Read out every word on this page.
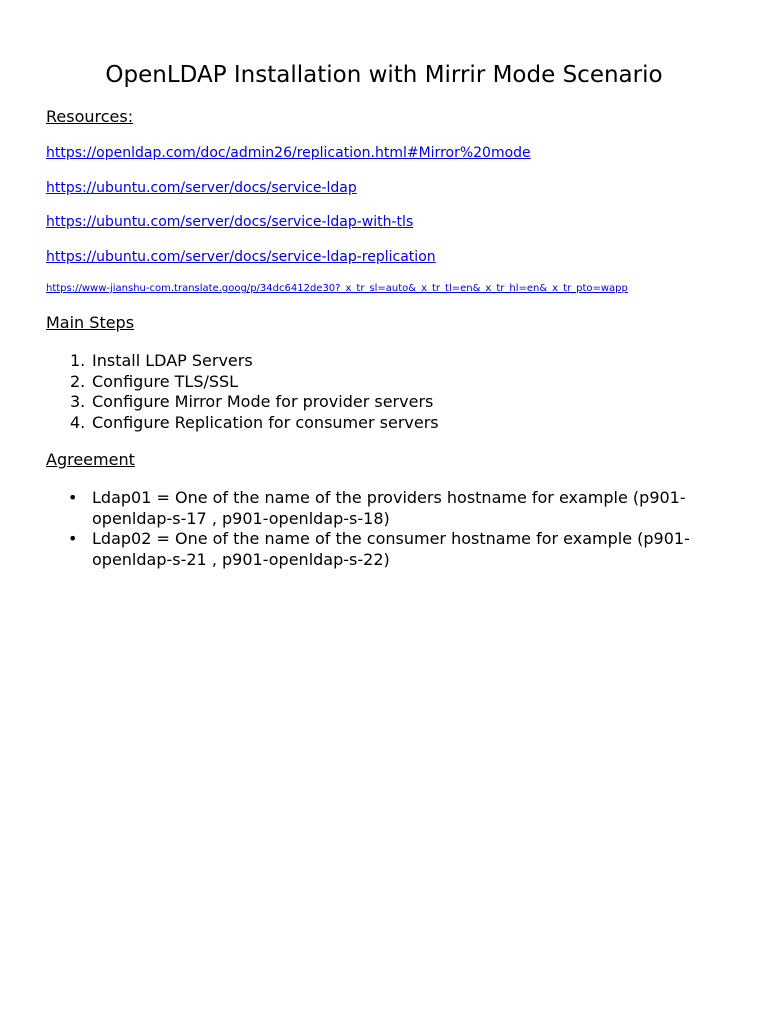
OpenLDAP Installation with Mirrir Mode Scenario
Resources:
https://openldap.com/doc/admin26/replication.html#Mirror%20mode
https://ubuntu.com/server/docs/service-ldap
https://ubuntu.com/server/docs/service-ldap-with-tls
https://ubuntu.com/server/docs/service-ldap-replication
https://www-jianshu-com.translate.goog/p/34dc6412de30?_x_tr_sl=auto&_x_tr_tl=en&_x_tr_hl=en&_x_tr_pto=wapp
Main Steps
1. Install LDAP Servers
2. Configure TLS/SSL
3. Configure Mirror Mode for provider servers
4. Configure Replication for consumer servers
Agreement
• Ldap01 = One of the name of the providers hostname for example (p901-openldap-s-17 , p901-openldap-s-18)
• Ldap02 = One of the name of the consumer hostname for example (p901-openldap-s-21 , p901-openldap-s-22)
